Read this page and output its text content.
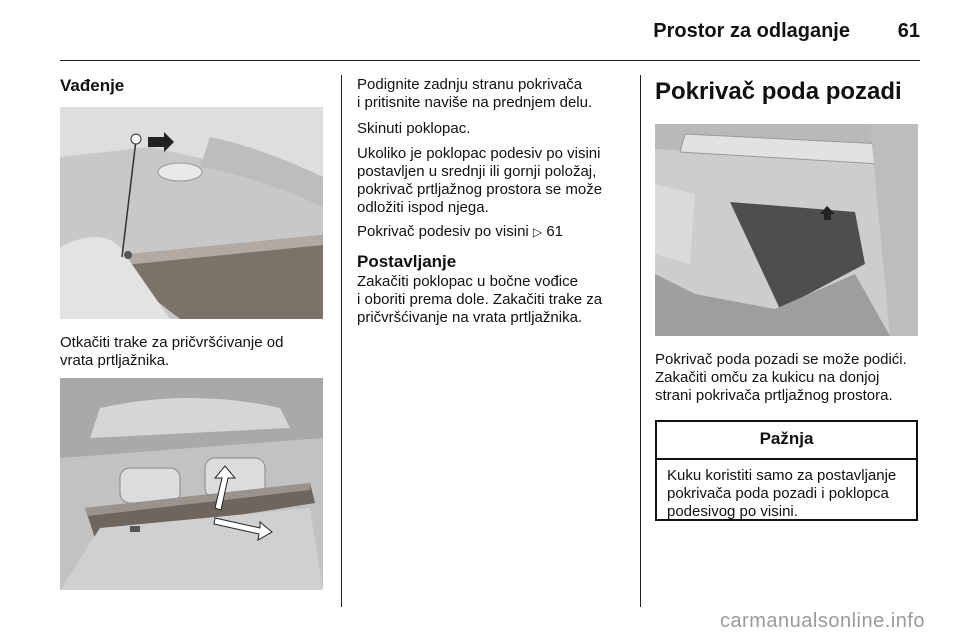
Prostor za odlaganje	61
Vađenje
Otkačiti trake za pričvršćivanje od
vrata prtljažnika.
Podignite zadnju stranu pokrivača
i pritisnite naviše na prednjem delu.
Skinuti poklopac.
Ukoliko je poklopac podesiv po visini
postavljen u srednji ili gornji položaj,
pokrivač prtljažnog prostora se može
odložiti ispod njega.
Pokrivač podesiv po visini ▷ 61
Postavljanje
Zakačiti poklopac u bočne vođice
i oboriti prema dole. Zakačiti trake za
pričvršćivanje na vrata prtljažnika.
Pokrivač poda pozadi
Pokrivač poda pozadi se može podići.
Zakačiti omču za kukicu na donjoj
strani pokrivača prtljažnog prostora.
Pažnja
Kuku koristiti samo za postavljanje
pokrivača poda pozadi i poklopca
podesivog po visini.
carmanualsonline.info
